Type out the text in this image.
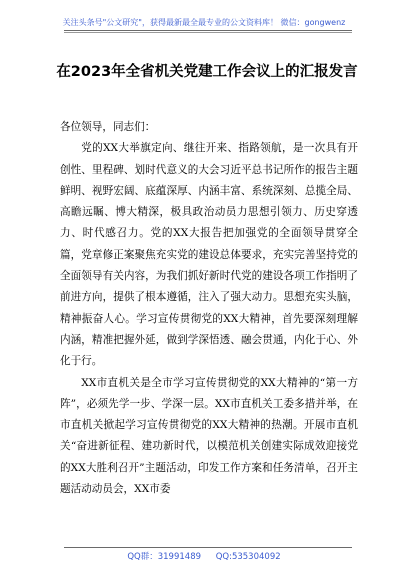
关注头条号"公文研究"，获得最新最全最专业的公文资料库！ 微信：gongwenz
在2023年全省机关党建工作会议上的汇报发言

各位领导，同志们：

党的XX大举旗定向、继往开来、指路领航，是一次具有开创性、里程碑、划时代意义的大会习近平总书记所作的报告主题鲜明、视野宏阔、底蕴深厚、内涵丰富、系统深刻、总揽全局、高瞻远瞩、博大精深，极具政治动员力思想引领力、历史穿透力、时代感召力。党的XX大报告把加强党的全面领导贯穿全篇，党章修正案聚焦充实党的建设总体要求，充实完善坚持党的全面领导有关内容，为我们抓好新时代党的建设各项工作指明了前进方向，提供了根本遵循，注入了强大动力。思想充实头脑，精神振奋人心。学习宣传贯彻党的XX大精神，首先要深刻理解内涵，精准把握外延，做到学深悟透、融会贯通，内化于心、外化于行。

XX市直机关是全市学习宣传贯彻党的XX大精神的“第一方阵”，必须先学一步、学深一层。XX市直机关工委多措并举，在市直机关掀起学习宣传贯彻党的XX大精神的热潮。开展市直机关“奋进新征程、建功新时代，以模范机关创建实际成效迎接党的XX大胜利召开”主题活动，印发工作方案和任务清单，召开主题活动动员会，XX市委

QQ群：31991489 QQ:535304092
